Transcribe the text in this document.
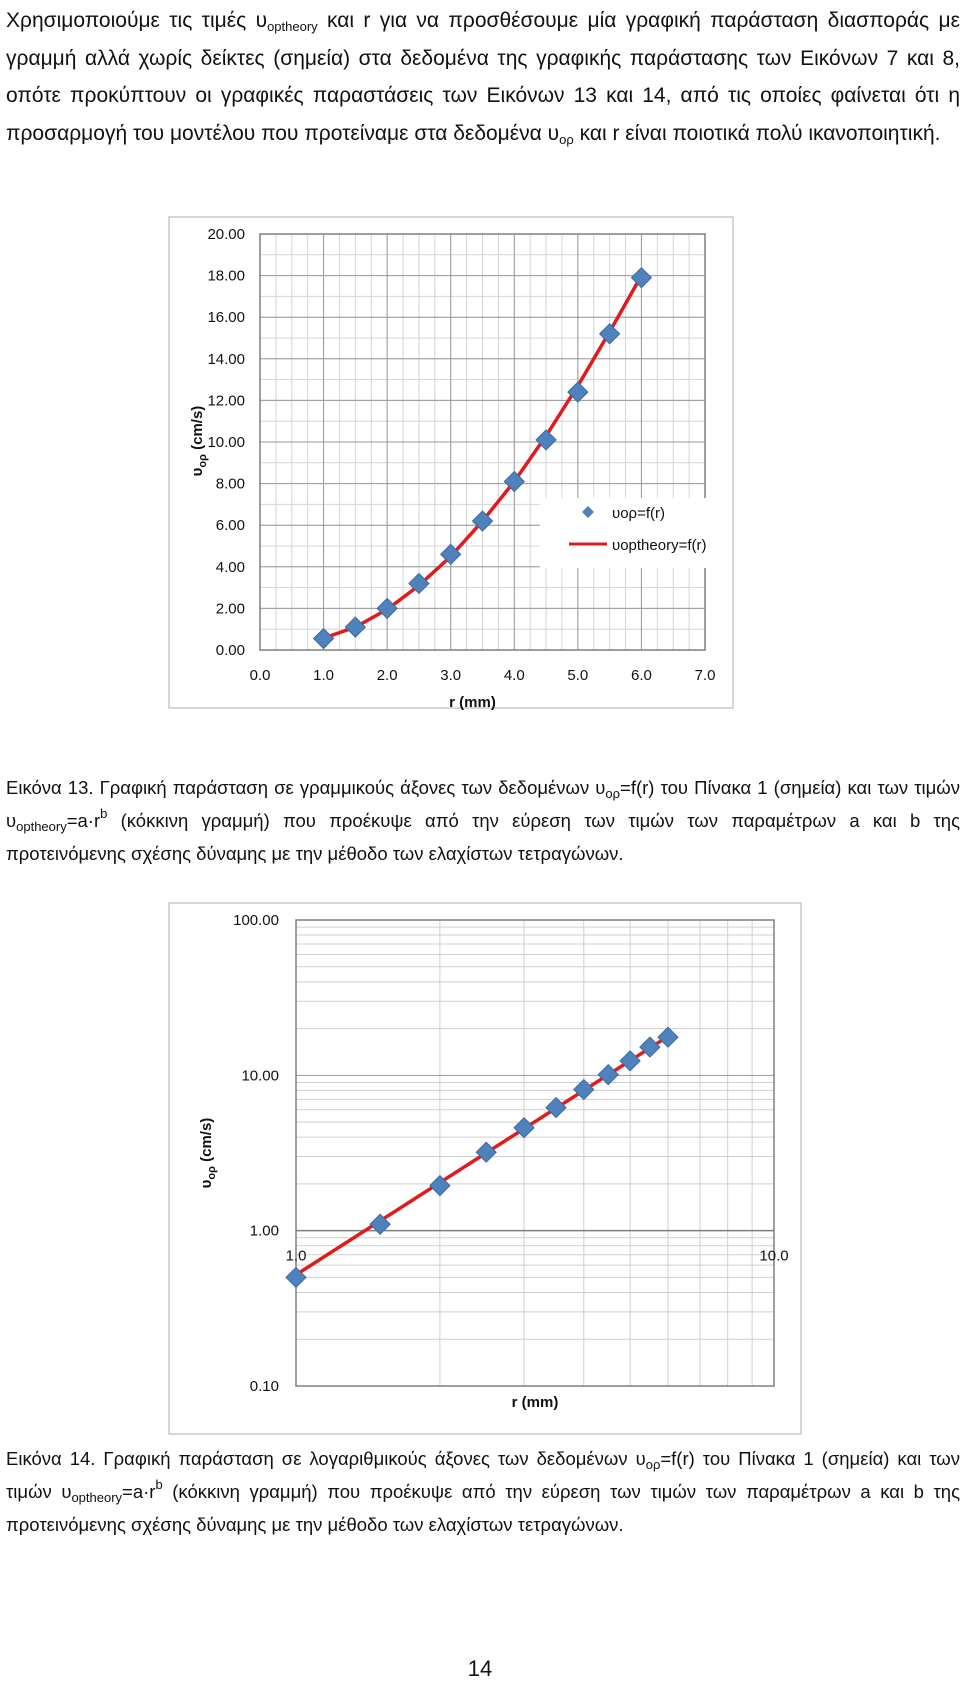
Χρησιμοποιούμε τις τιμές $\upsilon_{optheory}$ και r για να προσθέσουμε μία γραφική παράσταση διασποράς με γραμμή αλλά χωρίς δείκτες (σημεία) στα δεδομένα της γραφικής παράστασης των Εικόνων 7 και 8, οπότε προκύπτουν οι γραφικές παραστάσεις των Εικόνων 13 και 14, από τις οποίες φαίνεται ότι η προσαρμογή του μοντέλου που προτείναμε στα δεδομένα $\upsilon_{o\rho}$ και r είναι ποιοτικά πολύ ικανοποιητική.
0.00
2.00
4.00
6.00
8.00
10.00
12.00
14.00
16.00
18.00
20.00
0.0	1.0	2.0	3.0	4.0	5.0	6.0	7.0
r (mm)
$\upsilon_{o\rho}$ (cm/s)
υορ=f(r)
υoptheory=f(r)
0.10
1.00
10.00
100.00
1.0	10.0
r (mm)
$\upsilon_{o\rho}$ (cm/s)
Εικόνα 13. Γραφική παράσταση σε γραμμικούς άξονες των δεδομένων $\upsilon_{o\rho}=f(r)$ του Πίνακα 1 (σημεία) και των τιμών $\upsilon_{optheory}=a\cdot r^b$ (κόκκινη γραμμή) που προέκυψε από την εύρεση των τιμών των παραμέτρων a και b της προτεινόμενης σχέσης δύναμης με την μέθοδο των ελαχίστων τετραγώνων.
Εικόνα 14. Γραφική παράσταση σε λογαριθμικούς άξονες των δεδομένων $\upsilon_{o\rho}=f(r)$ του Πίνακα 1 (σημεία) και των τιμών $\upsilon_{optheory}=a\cdot r^b$ (κόκκινη γραμμή) που προέκυψε από την εύρεση των τιμών των παραμέτρων a και b της προτεινόμενης σχέσης δύναμης με την μέθοδο των ελαχίστων τετραγώνων.
14
